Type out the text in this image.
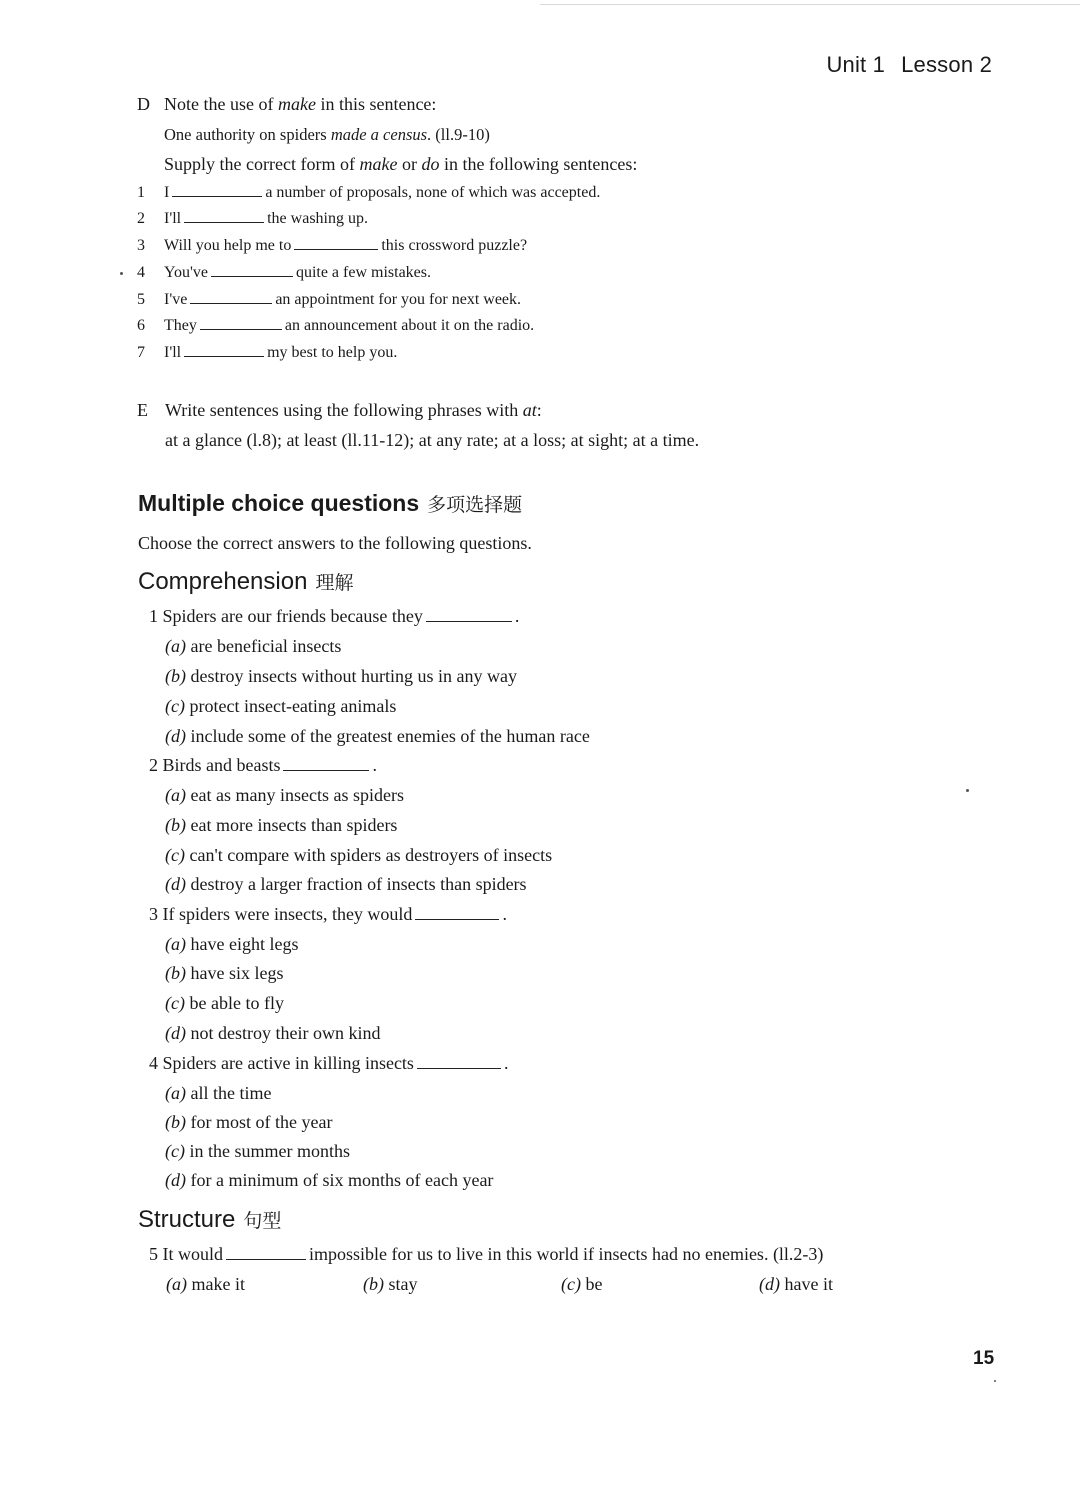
Unit 1 Lesson 2
D Note the use of make in this sentence:
One authority on spiders made a census. (ll.9-10)
Supply the correct form of make or do in the following sentences:
1 I	a number of proposals, none of which was accepted.
2 I'll	the washing up.
3 Will you help me to	this crossword puzzle?
4 You've	quite a few mistakes.
5 I've	an appointment for you for next week.
6 They	an announcement about it on the radio.
7 I'll	my best to help you.
E Write sentences using the following phrases with at:
at a glance (l.8); at least (ll.11-12); at any rate; at a loss; at sight; at a time.
Multiple choice questions 多项选择题
Choose the correct answers to the following questions.
Comprehension 理解
1 Spiders are our friends because they	.
(a) are beneficial insects
(b) destroy insects without hurting us in any way
(c) protect insect-eating animals
(d) include some of the greatest enemies of the human race
2 Birds and beasts	.
(a) eat as many insects as spiders
(b) eat more insects than spiders
(c) can't compare with spiders as destroyers of insects
(d) destroy a larger fraction of insects than spiders
3 If spiders were insects, they would	.
(a) have eight legs
(b) have six legs
(c) be able to fly
(d) not destroy their own kind
4 Spiders are active in killing insects	.
(a) all the time
(b) for most of the year
(c) in the summer months
(d) for a minimum of six months of each year
Structure 句型
5 It would	impossible for us to live in this world if insects had no enemies. (ll.2-3)
(a) make it	(b) stay	(c) be	(d) have it
15
